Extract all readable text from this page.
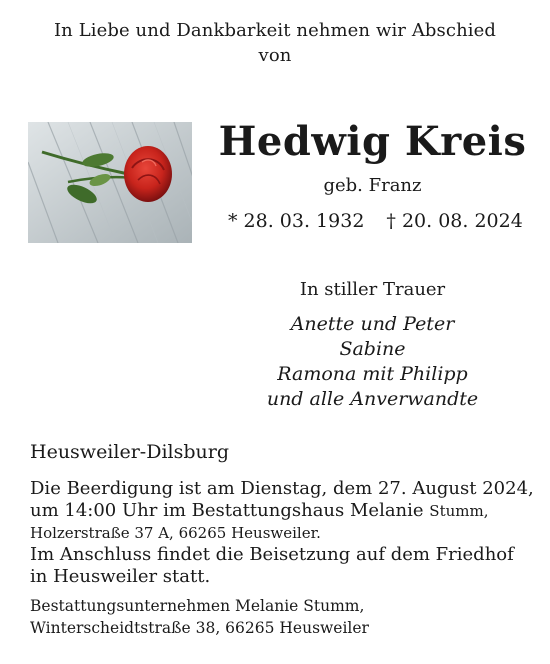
In Liebe und Dankbarkeit nehmen wir Abschied
von
Hedwig Kreis
geb. Franz
* 28. 03. 1932 † 20. 08. 2024
In stiller Trauer
Anette und Peter
Sabine
Ramona mit Philipp
und alle Anverwandte
Heusweiler-Dilsburg
Die Beerdigung ist am Dienstag, dem 27. August 2024,
um 14:00 Uhr im Bestattungshaus Melanie Stumm,
Holzerstraße 37 A, 66265 Heusweiler.
Im Anschluss findet die Beisetzung auf dem Friedhof
in Heusweiler statt.
Bestattungsunternehmen Melanie Stumm,
Winterscheidtstraße 38, 66265 Heusweiler
